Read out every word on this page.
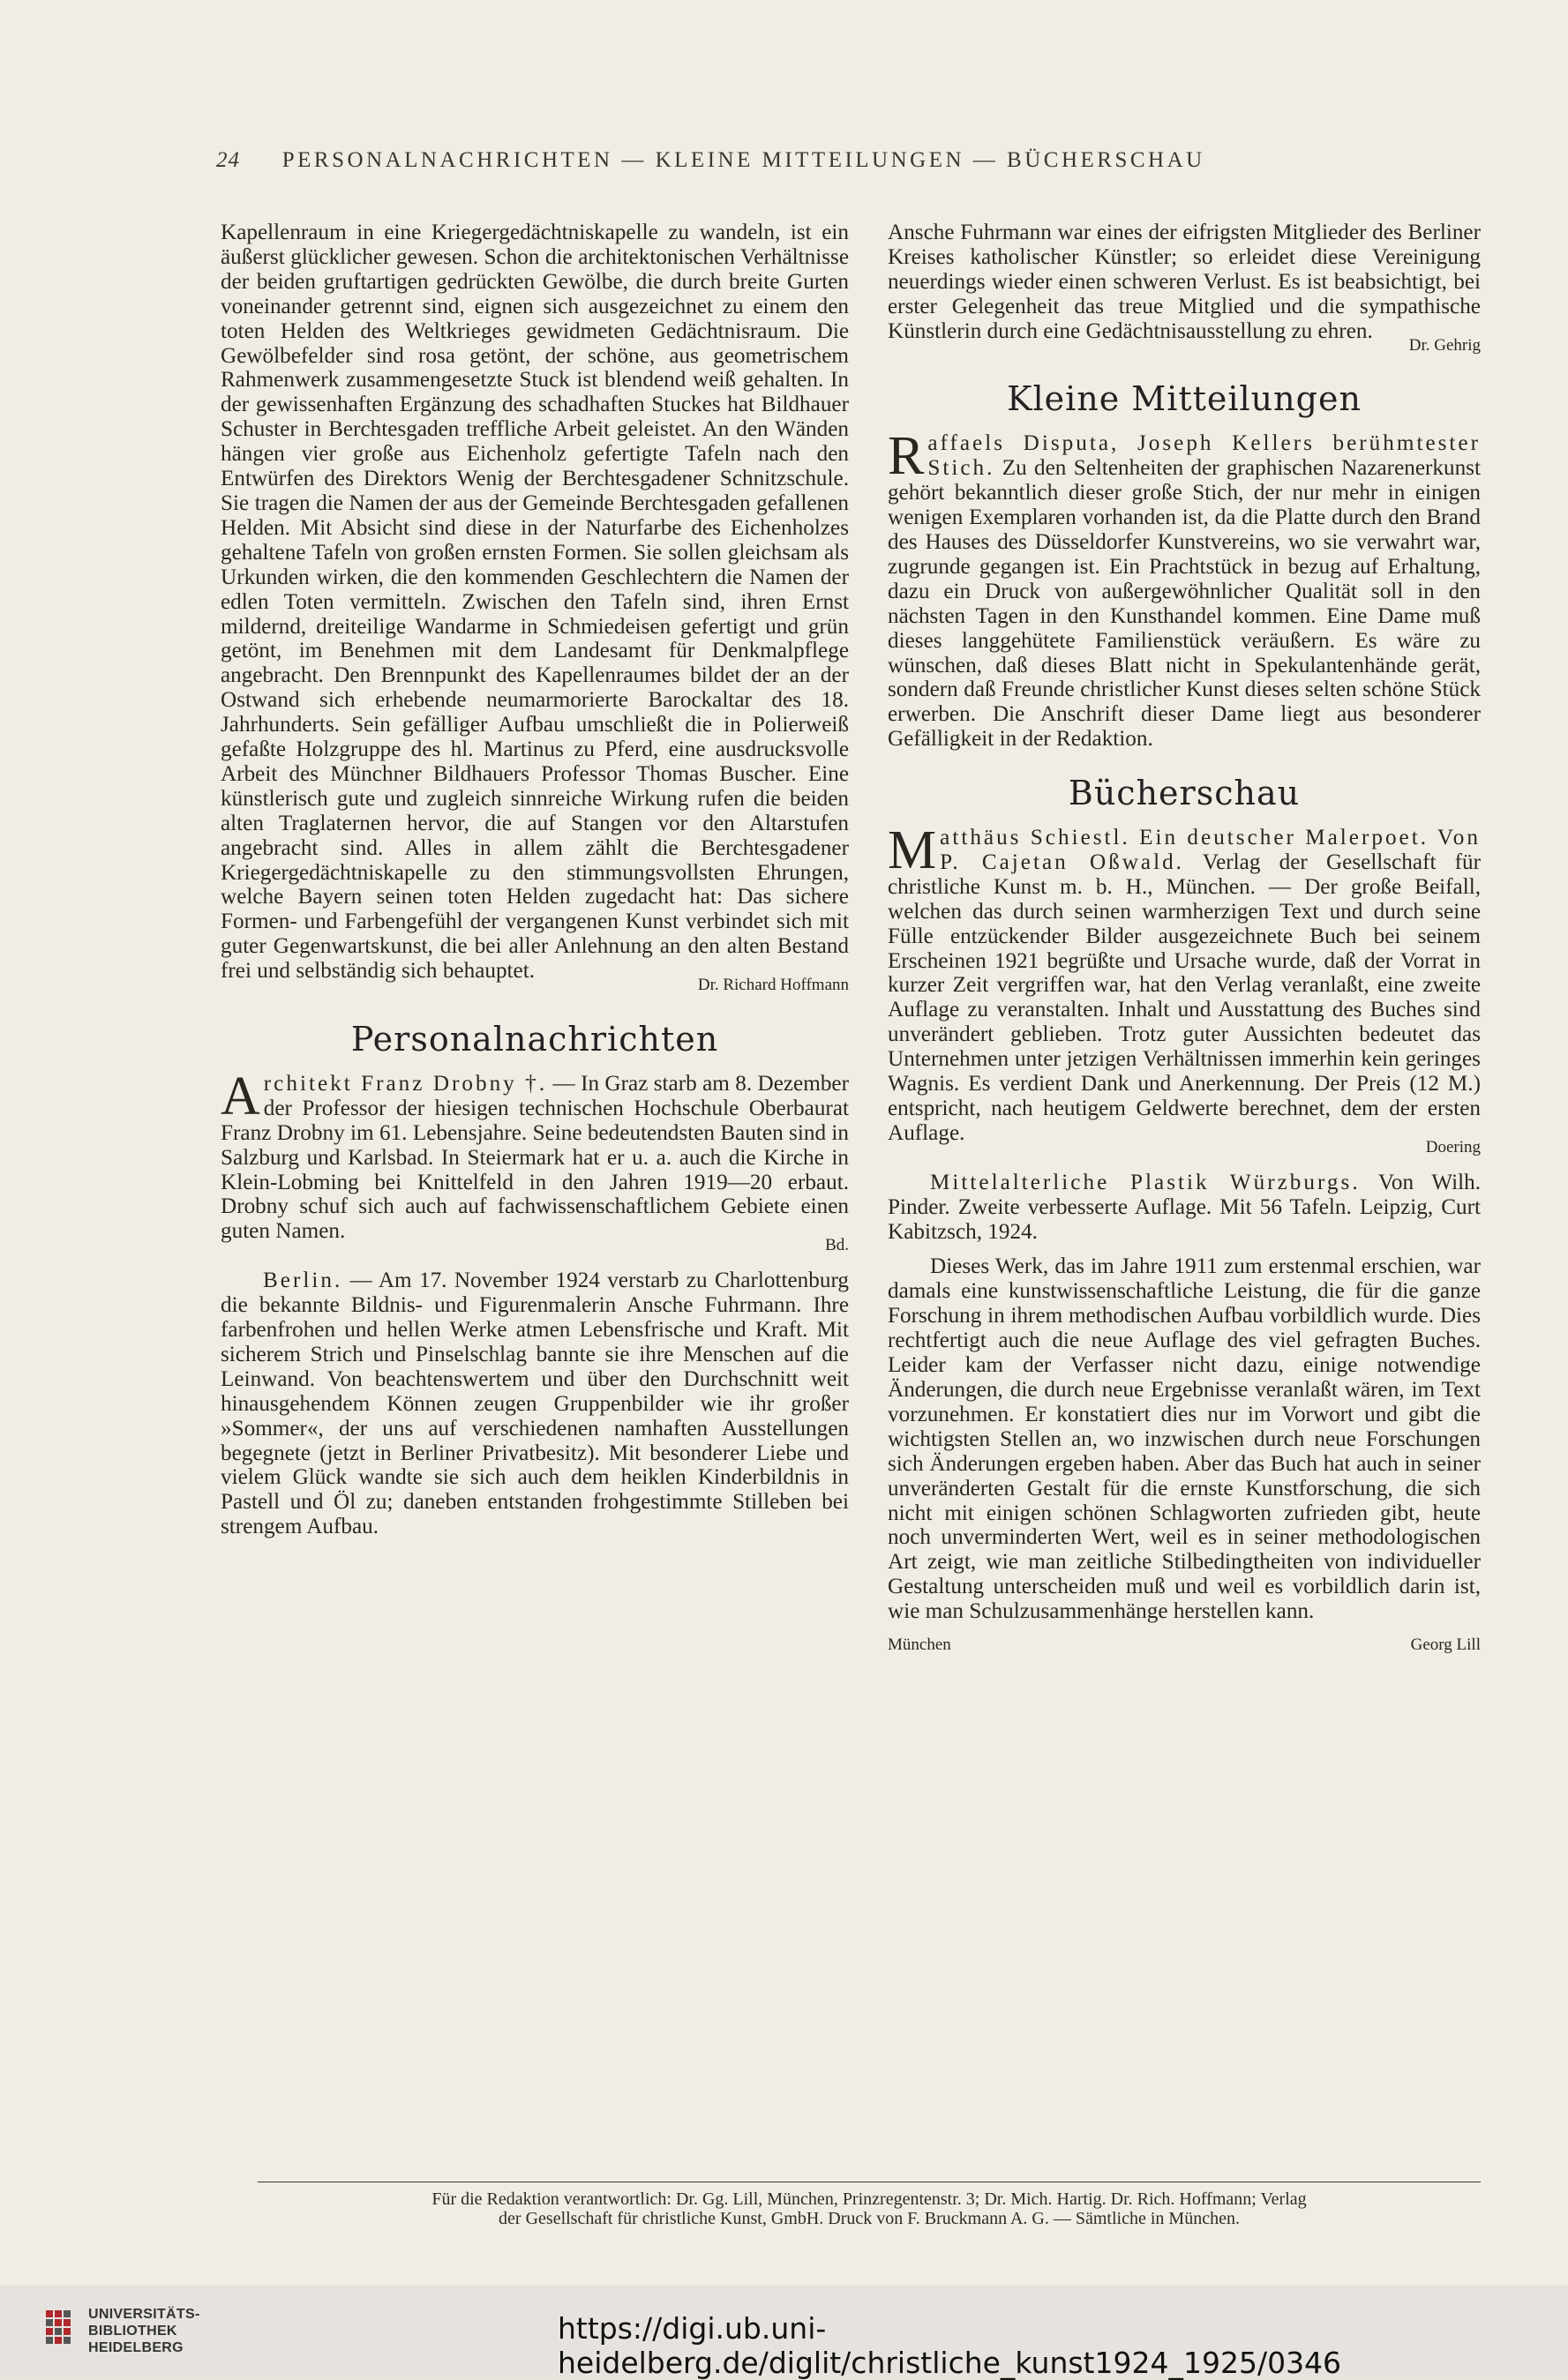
24 PERSONALNACHRICHTEN — KLEINE MITTEILUNGEN — BÜCHERSCHAU

Kapellenraum in eine Kriegergedächtniskapelle zu wandeln, ist ein äußerst glücklicher gewesen. Schon die architektonischen Verhältnisse der beiden gruftartigen gedrückten Gewölbe, die durch breite Gurten voneinander getrennt sind, eignen sich ausgezeichnet zu einem den toten Helden des Weltkrieges gewidmeten Gedächtnisraum. Die Gewölbefelder sind rosa getönt, der schöne, aus geometrischem Rahmenwerk zusammengesetzte Stuck ist blendend weiß gehalten. In der gewissenhaften Ergänzung des schadhaften Stuckes hat Bildhauer Schuster in Berchtesgaden treffliche Arbeit geleistet. An den Wänden hängen vier große aus Eichenholz gefertigte Tafeln nach den Entwürfen des Direktors Wenig der Berchtesgadener Schnitzschule. Sie tragen die Namen der aus der Gemeinde Berchtesgaden gefallenen Helden. Mit Absicht sind diese in der Naturfarbe des Eichenholzes gehaltene Tafeln von großen ernsten Formen. Sie sollen gleichsam als Urkunden wirken, die den kommenden Geschlechtern die Namen der edlen Toten vermitteln. Zwischen den Tafeln sind, ihren Ernst mildernd, dreiteilige Wandarme in Schmiedeisen gefertigt und grün getönt, im Benehmen mit dem Landesamt für Denkmalpflege angebracht. Den Brennpunkt des Kapellenraumes bildet der an der Ostwand sich erhebende neumarmorierte Barockaltar des 18. Jahrhunderts. Sein gefälliger Aufbau umschließt die in Polierweiß gefaßte Holzgruppe des hl. Martinus zu Pferd, eine ausdrucksvolle Arbeit des Münchner Bildhauers Professor Thomas Buscher. Eine künstlerisch gute und zugleich sinnreiche Wirkung rufen die beiden alten Traglaternen hervor, die auf Stangen vor den Altarstufen angebracht sind. Alles in allem zählt die Berchtesgadener Kriegergedächtniskapelle zu den stimmungsvollsten Ehrungen, welche Bayern seinen toten Helden zugedacht hat: Das sichere Formen- und Farbengefühl der vergangenen Kunst verbindet sich mit guter Gegenwartskunst, die bei aller Anlehnung an den alten Bestand frei und selbständig sich behauptet.

Dr. Richard Hoffmann
Personalnachrichten

Architekt Franz Drobny †. — In Graz starb am 8. Dezember der Professor der hiesigen technischen Hochschule Oberbaurat Franz Drobny im 61. Lebensjahre. Seine bedeutendsten Bauten sind in Salzburg und Karlsbad. In Steiermark hat er u. a. auch die Kirche in Klein-Lobming bei Knittelfeld in den Jahren 1919—20 erbaut. Drobny schuf sich auch auf fachwissenschaftlichem Gebiete einen guten Namen.

Bd.

Berlin. — Am 17. November 1924 verstarb zu Charlottenburg die bekannte Bildnis- und Figurenmalerin Ansche Fuhrmann. Ihre farbenfrohen und hellen Werke atmen Lebensfrische und Kraft. Mit sicherem Strich und Pinselschlag bannte sie ihre Menschen auf die Leinwand. Von beachtenswertem und über den Durchschnitt weit hinausgehendem Können zeugen Gruppenbilder wie ihr großer »Sommer«, der uns auf verschiedenen namhaften Ausstellungen begegnete (jetzt in Berliner Privatbesitz). Mit besonderer Liebe und vielem Glück wandte sie sich auch dem heiklen Kinderbildnis in Pastell und Öl zu; daneben entstanden frohgestimmte Stilleben bei strengem Aufbau.

Ansche Fuhrmann war eines der eifrigsten Mitglieder des Berliner Kreises katholischer Künstler; so erleidet diese Vereinigung neuerdings wieder einen schweren Verlust. Es ist beabsichtigt, bei erster Gelegenheit das treue Mitglied und die sympathische Künstlerin durch eine Gedächtnisausstellung zu ehren.

Dr. Gehrig
Kleine Mitteilungen

Raffaels Disputa, Joseph Kellers berühmtester Stich. Zu den Seltenheiten der graphischen Nazarenerkunst gehört bekanntlich dieser große Stich, der nur mehr in einigen wenigen Exemplaren vorhanden ist, da die Platte durch den Brand des Hauses des Düsseldorfer Kunstvereins, wo sie verwahrt war, zugrunde gegangen ist. Ein Prachtstück in bezug auf Erhaltung, dazu ein Druck von außergewöhnlicher Qualität soll in den nächsten Tagen in den Kunsthandel kommen. Eine Dame muß dieses langgehütete Familienstück veräußern. Es wäre zu wünschen, daß dieses Blatt nicht in Spekulantenhände gerät, sondern daß Freunde christlicher Kunst dieses selten schöne Stück erwerben. Die Anschrift dieser Dame liegt aus besonderer Gefälligkeit in der Redaktion.

Bücherschau

Matthäus Schiestl. Ein deutscher Malerpoet. Von P. Cajetan Oßwald. Verlag der Gesellschaft für christliche Kunst m. b. H., München. — Der große Beifall, welchen das durch seinen warmherzigen Text und durch seine Fülle entzückender Bilder ausgezeichnete Buch bei seinem Erscheinen 1921 begrüßte und Ursache wurde, daß der Vorrat in kurzer Zeit vergriffen war, hat den Verlag veranlaßt, eine zweite Auflage zu veranstalten. Inhalt und Ausstattung des Buches sind unverändert geblieben. Trotz guter Aussichten bedeutet das Unternehmen unter jetzigen Verhältnissen immerhin kein geringes Wagnis. Es verdient Dank und Anerkennung. Der Preis (12 M.) entspricht, nach heutigem Geldwerte berechnet, dem der ersten Auflage.

Doering

Mittelalterliche Plastik Würzburgs. Von Wilh. Pinder. Zweite verbesserte Auflage. Mit 56 Tafeln. Leipzig, Curt Kabitzsch, 1924.

Dieses Werk, das im Jahre 1911 zum erstenmal erschien, war damals eine kunstwissenschaftliche Leistung, die für die ganze Forschung in ihrem methodischen Aufbau vorbildlich wurde. Dies rechtfertigt auch die neue Auflage des viel gefragten Buches. Leider kam der Verfasser nicht dazu, einige notwendige Änderungen, die durch neue Ergebnisse veranlaßt wären, im Text vorzunehmen. Er konstatiert dies nur im Vorwort und gibt die wichtigsten Stellen an, wo inzwischen durch neue Forschungen sich Änderungen ergeben haben. Aber das Buch hat auch in seiner unveränderten Gestalt für die ernste Kunstforschung, die sich nicht mit einigen schönen Schlagworten zufrieden gibt, heute noch unverminderten Wert, weil es in seiner methodologischen Art zeigt, wie man zeitliche Stilbedingtheiten von individueller Gestaltung unterscheiden muß und weil es vorbildlich darin ist, wie man Schulzusammenhänge herstellen kann.

München	Georg Lill
Für die Redaktion verantwortlich: Dr. Gg. Lill, München, Prinzregentenstr. 3; Dr. Mich. Hartig. Dr. Rich. Hoffmann; Verlag
der Gesellschaft für christliche Kunst, GmbH. Druck von F. Bruckmann A. G. — Sämtliche in München.
UNIVERSITÄTS-
BIBLIOTHEK
HEIDELBERG
https://digi.ub.uni-heidelberg.de/diglit/christliche_kunst1924_1925/0346
